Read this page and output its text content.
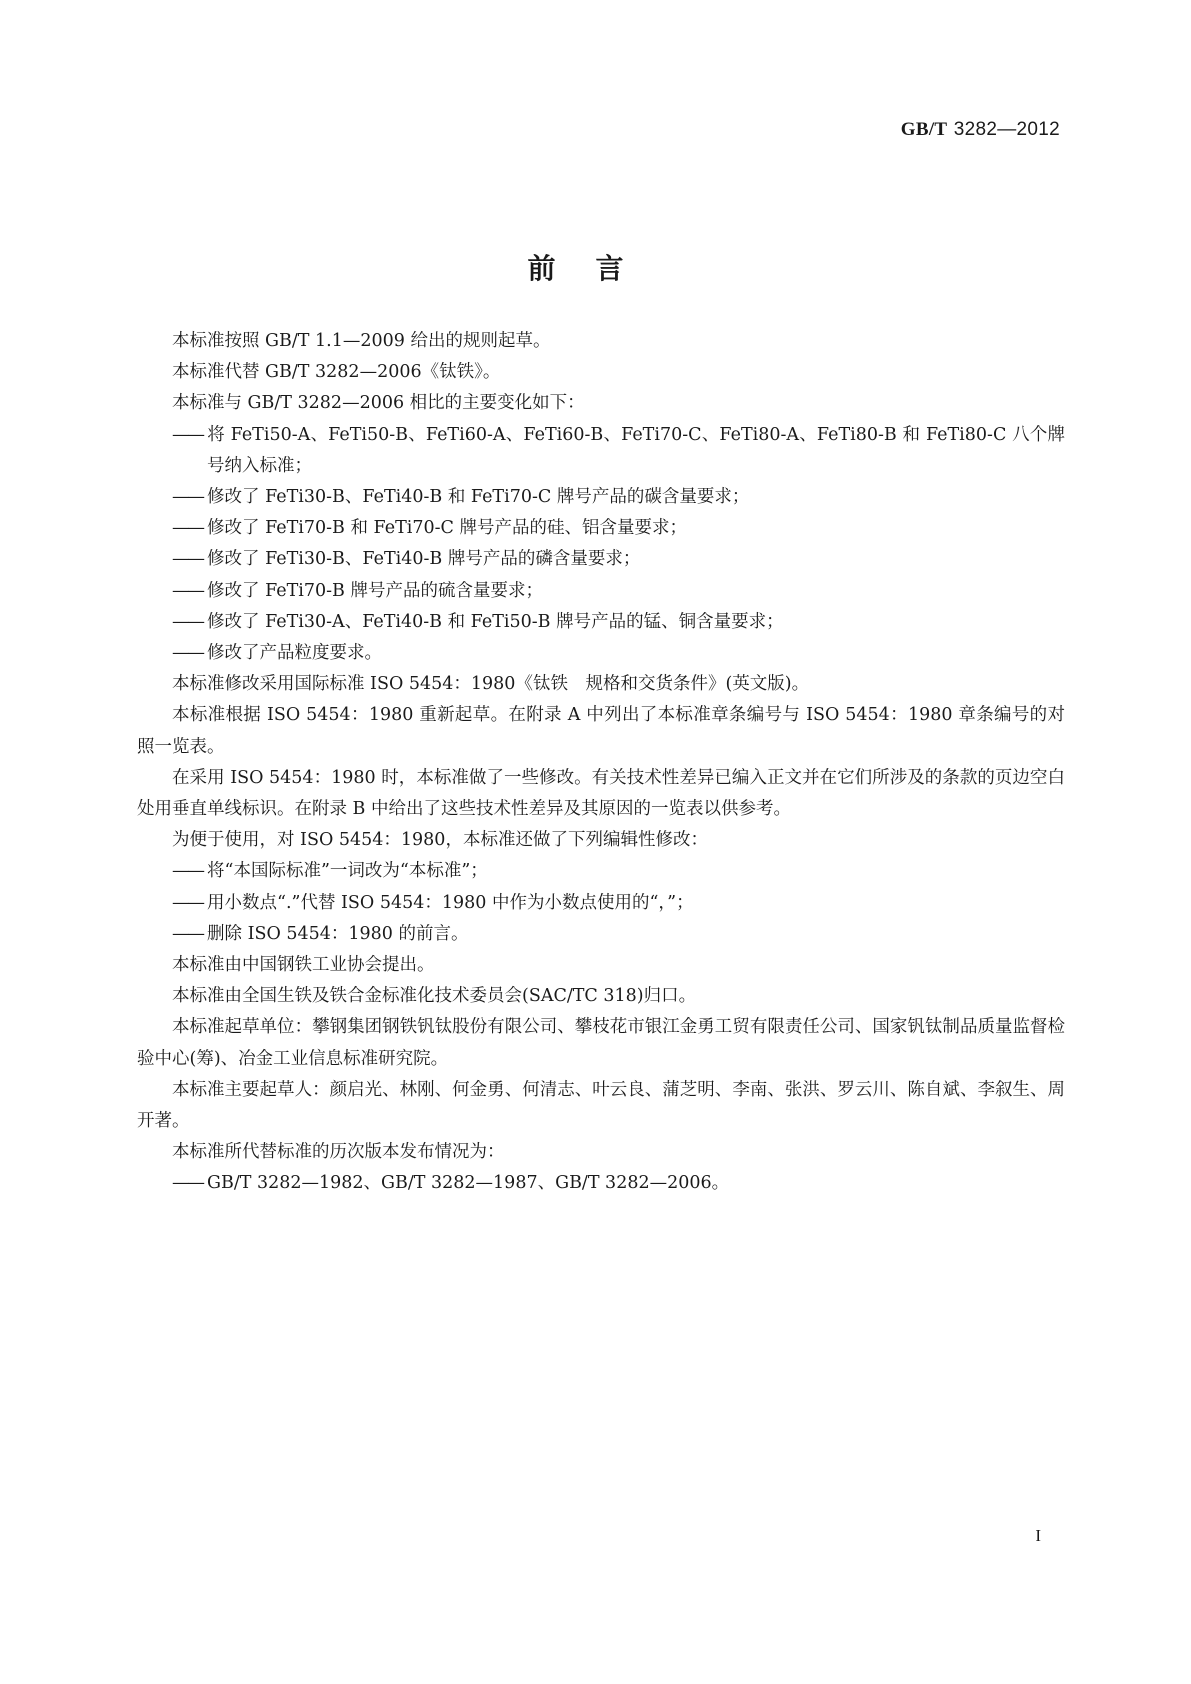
GB/T 3282—2012
前言

本标准按照 GB/T 1.1—2009 给出的规则起草。

本标准代替 GB/T 3282—2006《钛铁》。

本标准与 GB/T 3282—2006 相比的主要变化如下：

—— 将 FeTi50-A、FeTi50-B、FeTi60-A、FeTi60-B、FeTi70-C、FeTi80-A、FeTi80-B 和 FeTi80-C 八个牌号纳入标准；

—— 修改了 FeTi30-B、FeTi40-B 和 FeTi70-C 牌号产品的碳含量要求；

—— 修改了 FeTi70-B 和 FeTi70-C 牌号产品的硅、铝含量要求；

—— 修改了 FeTi30-B、FeTi40-B 牌号产品的磷含量要求；

—— 修改了 FeTi70-B 牌号产品的硫含量要求；

—— 修改了 FeTi30-A、FeTi40-B 和 FeTi50-B 牌号产品的锰、铜含量要求；

—— 修改了产品粒度要求。

本标准修改采用国际标准 ISO 5454：1980《钛铁　规格和交货条件》(英文版)。

本标准根据 ISO 5454：1980 重新起草。在附录 A 中列出了本标准章条编号与 ISO 5454：1980 章条编号的对照一览表。

在采用 ISO 5454：1980 时，本标准做了一些修改。有关技术性差异已编入正文并在它们所涉及的条款的页边空白处用垂直单线标识。在附录 B 中给出了这些技术性差异及其原因的一览表以供参考。

为便于使用，对 ISO 5454：1980，本标准还做了下列编辑性修改：

—— 将“本国际标准”一词改为“本标准”；

—— 用小数点“.”代替 ISO 5454：1980 中作为小数点使用的“，”；

—— 删除 ISO 5454：1980 的前言。

本标准由中国钢铁工业协会提出。

本标准由全国生铁及铁合金标准化技术委员会(SAC/TC 318)归口。

本标准起草单位：攀钢集团钢铁钒钛股份有限公司、攀枝花市银江金勇工贸有限责任公司、国家钒钛制品质量监督检验中心(筹)、冶金工业信息标准研究院。

本标准主要起草人：颜启光、林刚、何金勇、何清志、叶云良、蒲芝明、李南、张洪、罗云川、陈自斌、李叙生、周开著。

本标准所代替标准的历次版本发布情况为：

—— GB/T 3282—1982、GB/T 3282—1987、GB/T 3282—2006。

I
